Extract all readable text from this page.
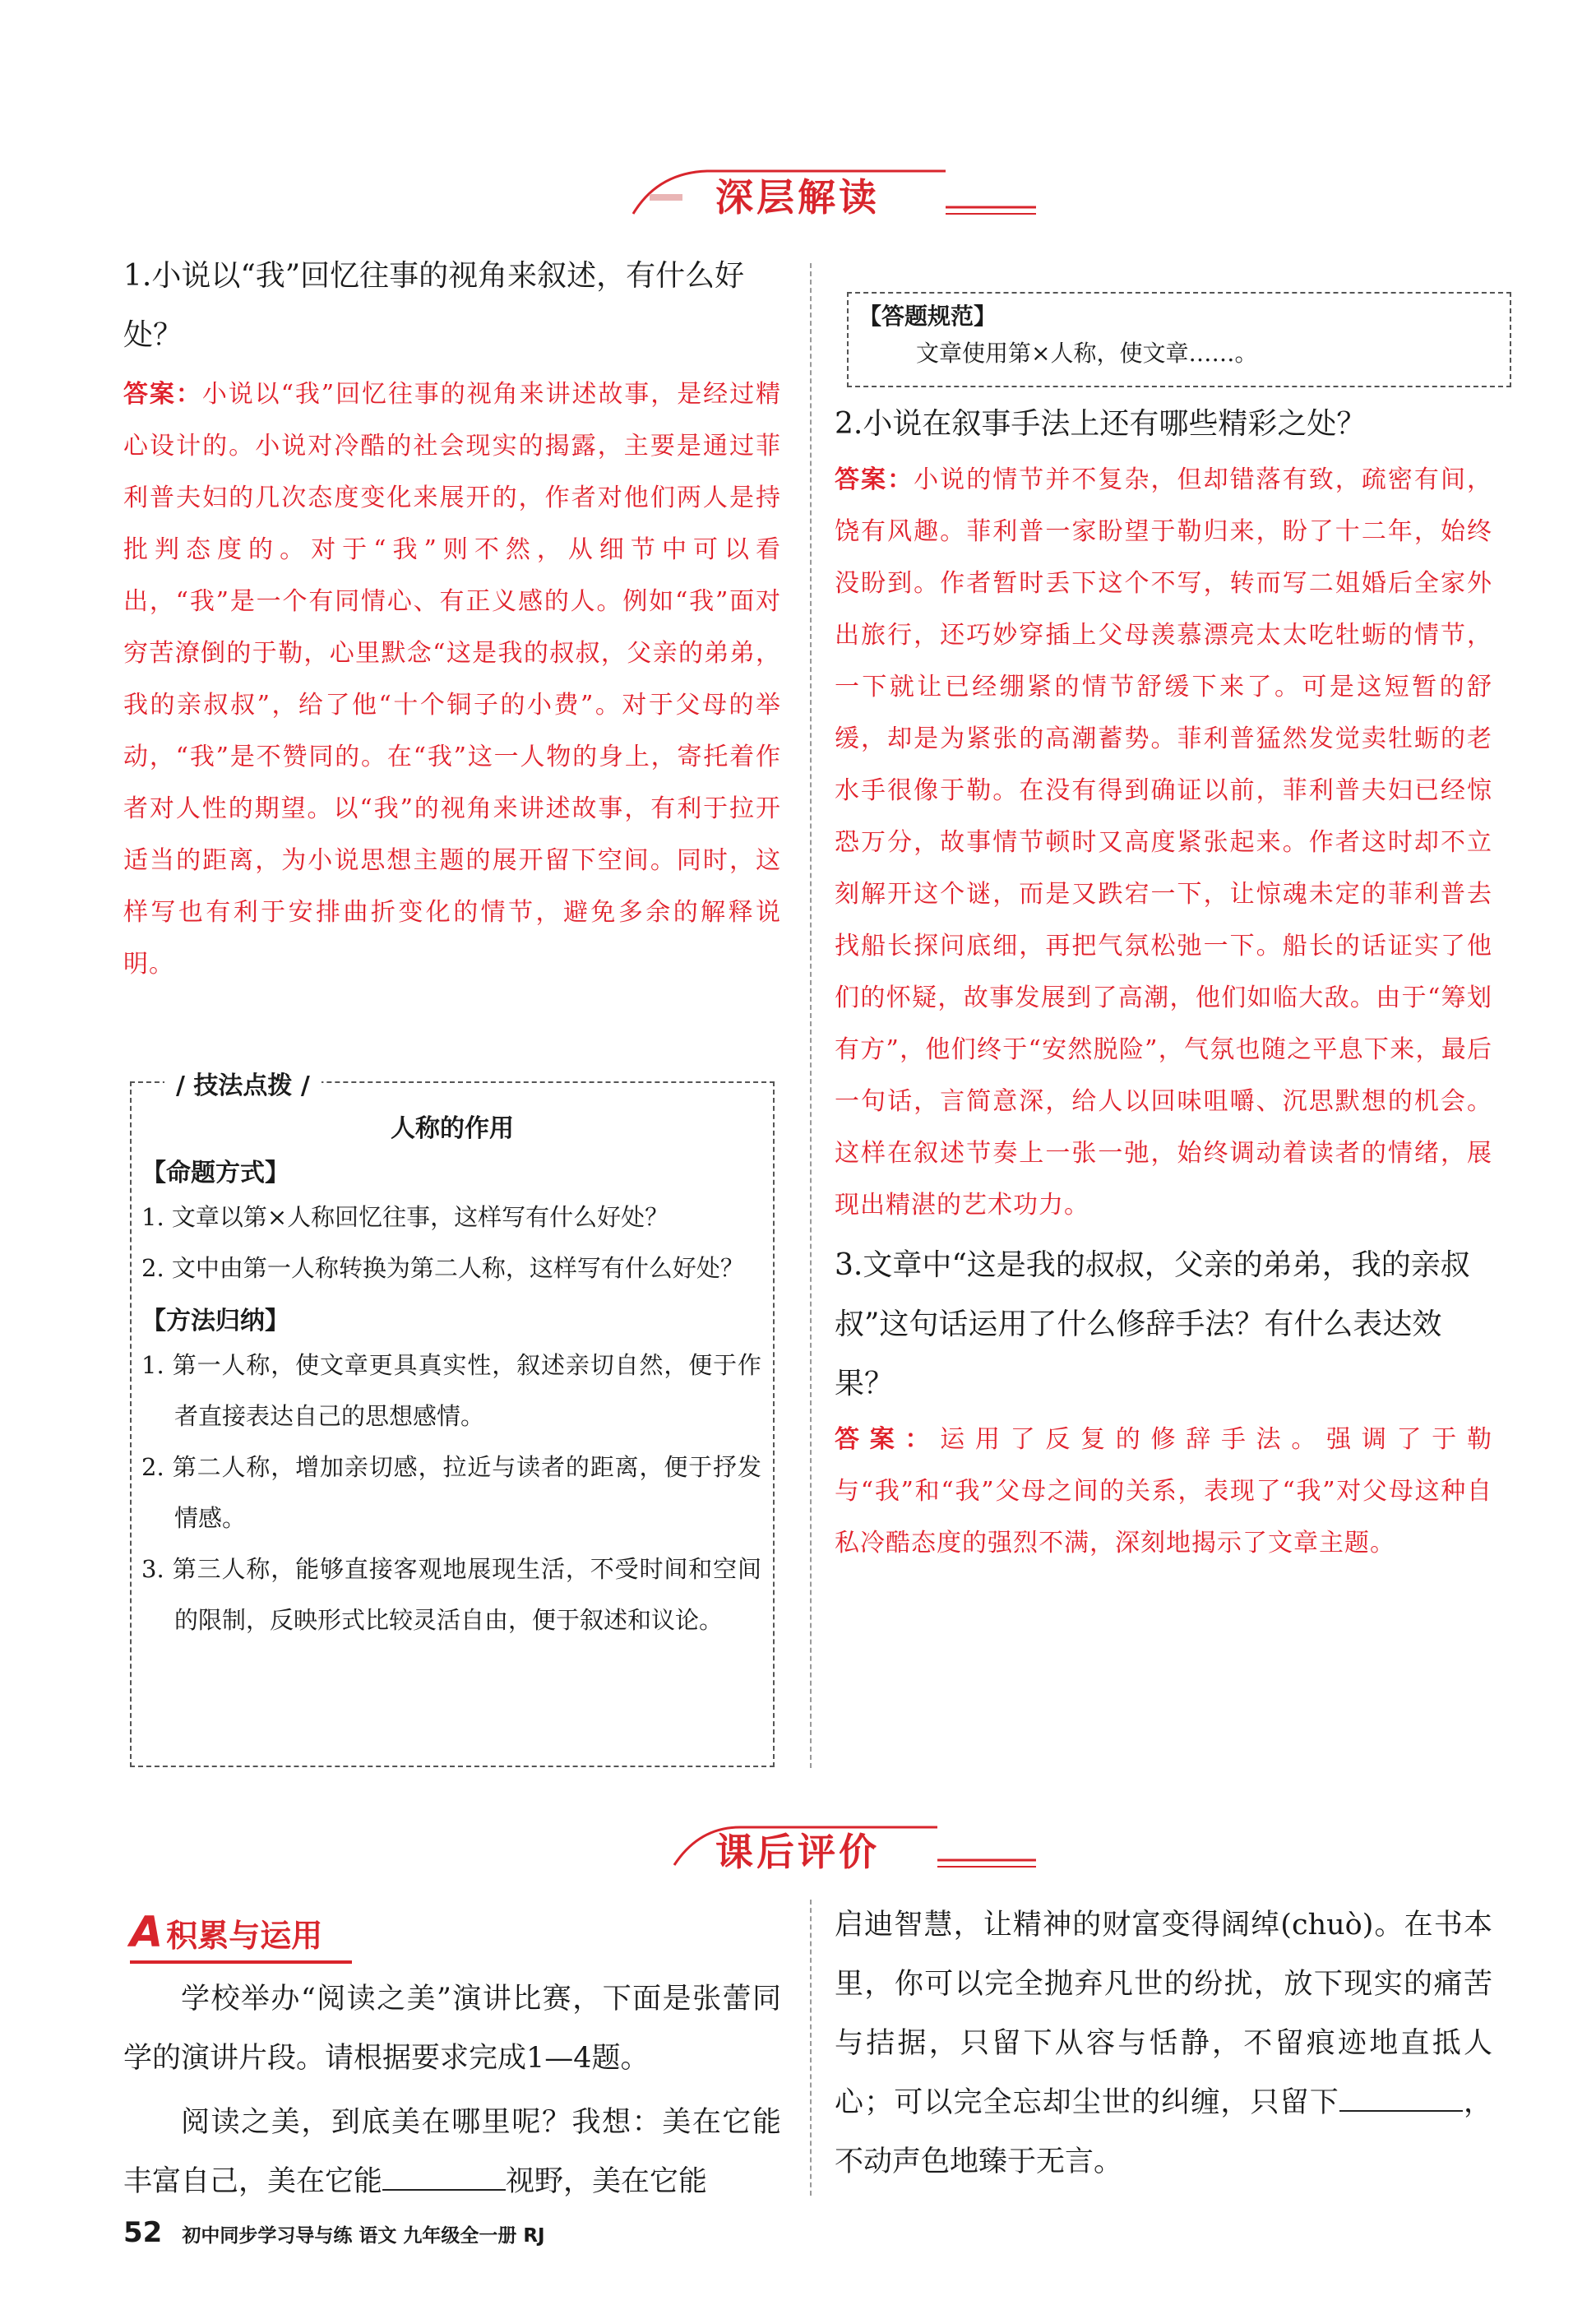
深层解读

1.小说以“我”回忆往事的视角来叙述，有什么好处？

答案：小说以“我”回忆往事的视角来讲述故事，是经过精心设计的。小说对冷酷的社会现实的揭露，主要是通过菲利普夫妇的几次态度变化来展开的，作者对他们两人是持批判态度的。对于“我”则不然，从细节中可以看出，“我”是一个有同情心、有正义感的人。例如“我”面对穷苦潦倒的于勒，心里默念“这是我的叔叔，父亲的弟弟，我的亲叔叔”，给了他“十个铜子的小费”。对于父母的举动，“我”是不赞同的。在“我”这一人物的身上，寄托着作者对人性的期望。以“我”的视角来讲述故事，有利于拉开适当的距离，为小说思想主题的展开留下空间。同时，这样写也有利于安排曲折变化的情节，避免多余的解释说明。

/ 技法点拨 /
人称的作用
【命题方式】
1. 文章以第×人称回忆往事，这样写有什么好处？
2. 文中由第一人称转换为第二人称，这样写有什么好处？
【方法归纳】
1. 第一人称，使文章更具真实性，叙述亲切自然，便于作者直接表达自己的思想感情。
2. 第二人称，增加亲切感，拉近与读者的距离，便于抒发情感。
3. 第三人称，能够直接客观地展现生活，不受时间和空间的限制，反映形式比较灵活自由，便于叙述和议论。
【答题规范】
文章使用第×人称，使文章……。

2.小说在叙事手法上还有哪些精彩之处？

答案：小说的情节并不复杂，但却错落有致，疏密有间，饶有风趣。菲利普一家盼望于勒归来，盼了十二年，始终没盼到。作者暂时丢下这个不写，转而写二姐婚后全家外出旅行，还巧妙穿插上父母羡慕漂亮太太吃牡蛎的情节，一下就让已经绷紧的情节舒缓下来了。可是这短暂的舒缓，却是为紧张的高潮蓄势。菲利普猛然发觉卖牡蛎的老水手很像于勒。在没有得到确证以前，菲利普夫妇已经惊恐万分，故事情节顿时又高度紧张起来。作者这时却不立刻解开这个谜，而是又跌宕一下，让惊魂未定的菲利普去找船长探问底细，再把气氛松弛一下。船长的话证实了他们的怀疑，故事发展到了高潮，他们如临大敌。由于“筹划有方”，他们终于“安然脱险”，气氛也随之平息下来，最后一句话，言简意深，给人以回味咀嚼、沉思默想的机会。这样在叙述节奏上一张一弛，始终调动着读者的情绪，展现出精湛的艺术功力。

3.文章中“这是我的叔叔，父亲的弟弟，我的亲叔叔”这句话运用了什么修辞手法？有什么表达效果？

答案：运用了反复的修辞手法。强调了于勒与“我”和“我”父母之间的关系，表现了“我”对父母这种自私冷酷态度的强烈不满，深刻地揭示了文章主题。

课后评价
A 积累与运用

学校举办“阅读之美”演讲比赛，下面是张蕾同学的演讲片段。请根据要求完成1—4题。

阅读之美，到底美在哪里呢？我想：美在它能丰富自己，美在它能	视野，美在它能

启迪智慧，让精神的财富变得阔绰(chuò)。在书本里，你可以完全抛弃凡世的纷扰，放下现实的痛苦与拮据，只留下从容与恬静，不留痕迹地直抵人心；可以完全忘却尘世的纠缠，只留下	，不动声色地臻于无言。

52 初中同步学习导与练 语文 九年级全一册 RJ
